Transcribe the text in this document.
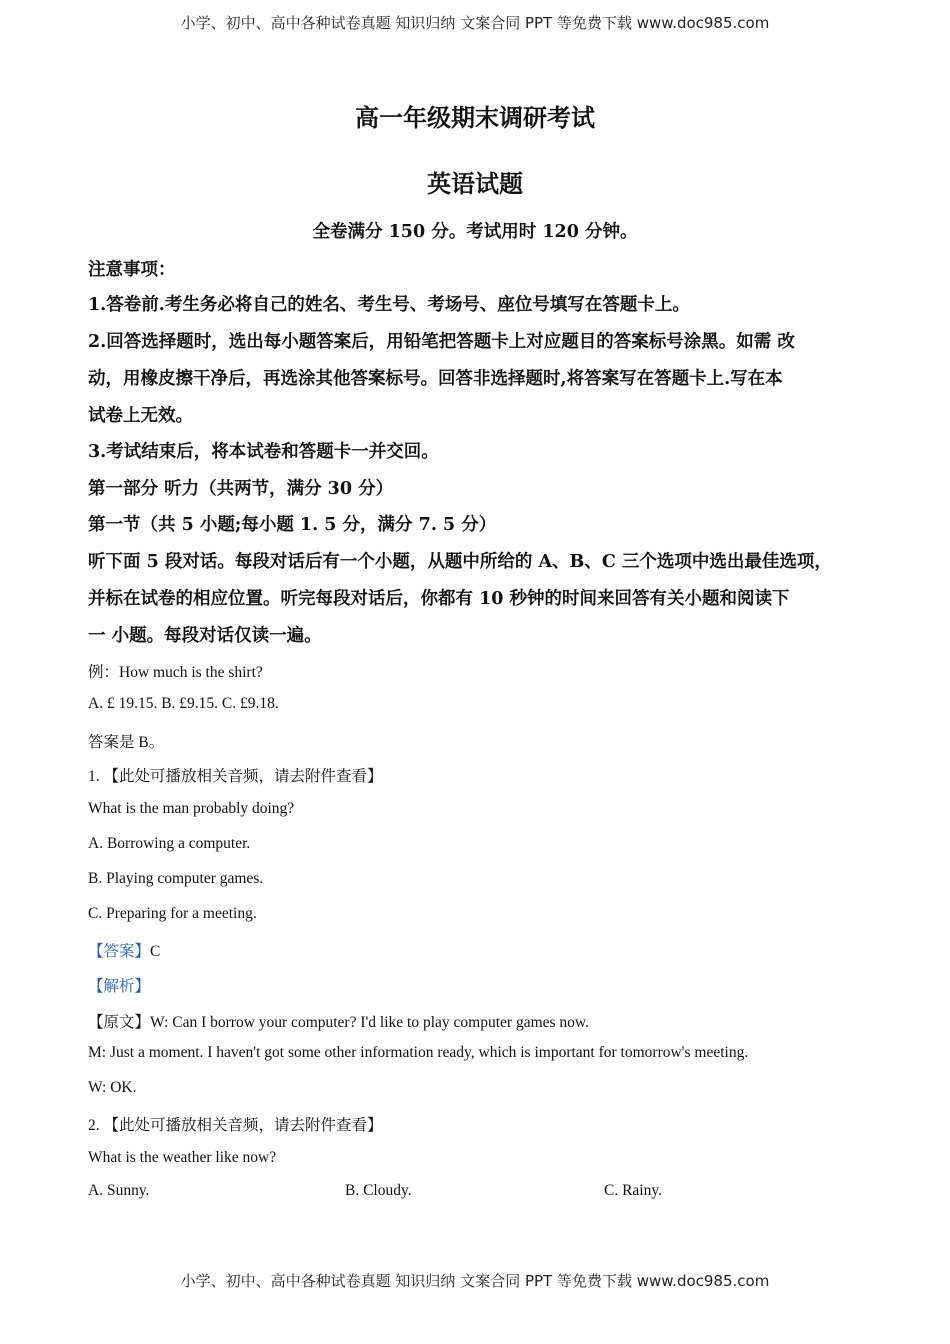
小学、初中、高中各种试卷真题 知识归纳 文案合同 PPT 等免费下载 www.doc985.com
高一年级期末调研考试
英语试题
全卷满分 150 分。考试用时 120 分钟。
注意事项：
1.答卷前.考生务必将自己的姓名、考生号、考场号、座位号填写在答题卡上。
2.回答选择题时，选出每小题答案后，用铅笔把答题卡上对应题目的答案标号涂黑。如需 改
动，用橡皮擦干净后，再选涂其他答案标号。回答非选择题时,将答案写在答题卡上.写在本
试卷上无效。
3.考试结束后，将本试卷和答题卡一并交回。
第一部分 听力（共两节，满分 30 分）
第一节（共 5 小题;每小题 1. 5 分，满分 7. 5 分）
听下面 5 段对话。每段对话后有一个小题，从题中所给的 A、B、C 三个选项中选出最佳选项，
并标在试卷的相应位置。听完每段对话后，你都有 10 秒钟的时间来回答有关小题和阅读下
一 小题。每段对话仅读一遍。
例：How much is the shirt?
A. £ 19.15. B. £9.15. C. £9.18.
答案是 B。
1. 【此处可播放相关音频，请去附件查看】
What is the man probably doing?
A. Borrowing a computer.
B. Playing computer games.
C. Preparing for a meeting.
【答案】C
【解析】
【原文】W: Can I borrow your computer? I'd like to play computer games now.
M: Just a moment. I haven't got some other information ready, which is important for tomorrow's meeting.
W: OK.
2. 【此处可播放相关音频，请去附件查看】
What is the weather like now?
A. Sunny.	B. Cloudy.	C. Rainy.
小学、初中、高中各种试卷真题 知识归纳 文案合同 PPT 等免费下载 www.doc985.com
